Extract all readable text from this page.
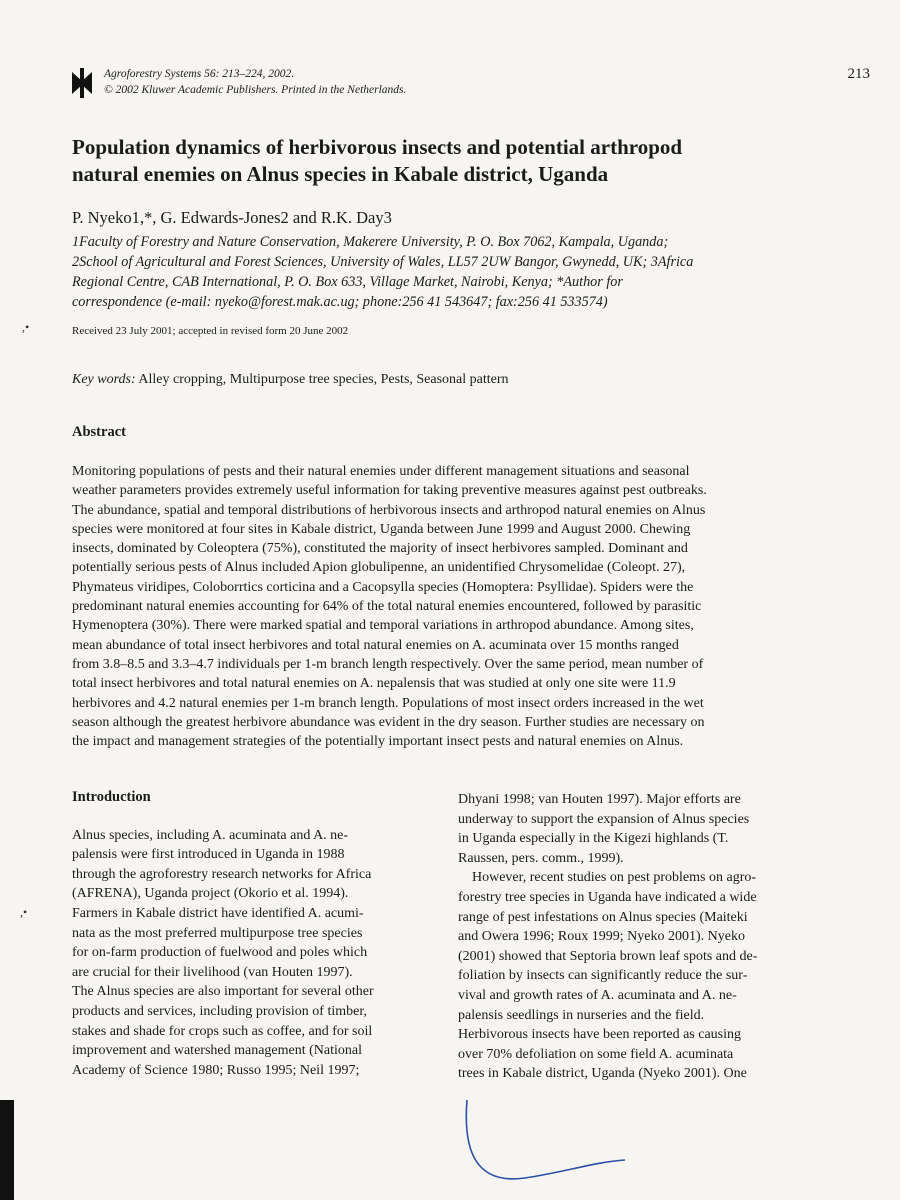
Agroforestry Systems 56: 213–224, 2002.
© 2002 Kluwer Academic Publishers. Printed in the Netherlands.
213
Population dynamics of herbivorous insects and potential arthropod
natural enemies on Alnus species in Kabale district, Uganda
P. Nyeko1,*, G. Edwards-Jones2 and R.K. Day3
1Faculty of Forestry and Nature Conservation, Makerere University, P. O. Box 7062, Kampala, Uganda;
2School of Agricultural and Forest Sciences, University of Wales, LL57 2UW Bangor, Gwynedd, UK; 3Africa
Regional Centre, CAB International, P. O. Box 633, Village Market, Nairobi, Kenya; *Author for
correspondence (e-mail: nyeko@forest.mak.ac.ug; phone:256 41 543647; fax:256 41 533574)
Received 23 July 2001; accepted in revised form 20 June 2002
Key words: Alley cropping, Multipurpose tree species, Pests, Seasonal pattern
Abstract
Monitoring populations of pests and their natural enemies under different management situations and seasonal
weather parameters provides extremely useful information for taking preventive measures against pest outbreaks.
The abundance, spatial and temporal distributions of herbivorous insects and arthropod natural enemies on Alnus
species were monitored at four sites in Kabale district, Uganda between June 1999 and August 2000. Chewing
insects, dominated by Coleoptera (75%), constituted the majority of insect herbivores sampled. Dominant and
potentially serious pests of Alnus included Apion globulipenne, an unidentified Chrysomelidae (Coleopt. 27),
Phymateus viridipes, Coloborrtics corticina and a Cacopsylla species (Homoptera: Psyllidae). Spiders were the
predominant natural enemies accounting for 64% of the total natural enemies encountered, followed by parasitic
Hymenoptera (30%). There were marked spatial and temporal variations in arthropod abundance. Among sites,
mean abundance of total insect herbivores and total natural enemies on A. acuminata over 15 months ranged
from 3.8–8.5 and 3.3–4.7 individuals per 1-m branch length respectively. Over the same period, mean number of
total insect herbivores and total natural enemies on A. nepalensis that was studied at only one site were 11.9
herbivores and 4.2 natural enemies per 1-m branch length. Populations of most insect orders increased in the wet
season although the greatest herbivore abundance was evident in the dry season. Further studies are necessary on
the impact and management strategies of the potentially important insect pests and natural enemies on Alnus.
Introduction
Alnus species, including A. acuminata and A. ne-
palensis were first introduced in Uganda in 1988
through the agroforestry research networks for Africa
(AFRENA), Uganda project (Okorio et al. 1994).
Farmers in Kabale district have identified A. acumi-
nata as the most preferred multipurpose tree species
for on-farm production of fuelwood and poles which
are crucial for their livelihood (van Houten 1997).
The Alnus species are also important for several other
products and services, including provision of timber,
stakes and shade for crops such as coffee, and for soil
improvement and watershed management (National
Academy of Science 1980; Russo 1995; Neil 1997;
Dhyani 1998; van Houten 1997). Major efforts are
underway to support the expansion of Alnus species
in Uganda especially in the Kigezi highlands (T.
Raussen, pers. comm., 1999).
However, recent studies on pest problems on agro-
forestry tree species in Uganda have indicated a wide
range of pest infestations on Alnus species (Maiteki
and Owera 1996; Roux 1999; Nyeko 2001). Nyeko
(2001) showed that Septoria brown leaf spots and de-
foliation by insects can significantly reduce the sur-
vival and growth rates of A. acuminata and A. ne-
palensis seedlings in nurseries and the field.
Herbivorous insects have been reported as causing
over 70% defoliation on some field A. acuminata
trees in Kabale district, Uganda (Nyeko 2001). One
,•
,•
